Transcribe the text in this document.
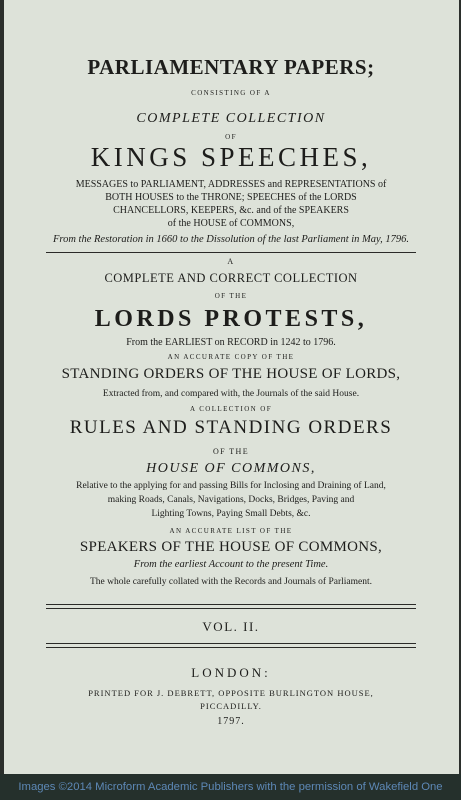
PARLIAMENTARY PAPERS;
CONSISTING OF A
COMPLETE COLLECTION
OF
KINGS SPEECHES,
MESSAGES to PARLIAMENT, ADDRESSES and REPRESENTATIONS of
BOTH HOUSES to the THRONE; SPEECHES of the LORDS
CHANCELLORS, KEEPERS, &c. and of the SPEAKERS
of the HOUSE of COMMONS,
From the Restoration in 1660 to the Dissolution of the last Parliament in May, 1796.
A
COMPLETE AND CORRECT COLLECTION
OF THE
LORDS PROTESTS,
From the EARLIEST on RECORD in 1242 to 1796.
AN ACCURATE COPY OF THE
STANDING ORDERS OF THE HOUSE OF LORDS,
Extracted from, and compared with, the Journals of the said House.
A COLLECTION OF
RULES AND STANDING ORDERS
OF THE
HOUSE OF COMMONS,
Relative to the applying for and passing Bills for Inclosing and Draining of Land,
making Roads, Canals, Navigations, Docks, Bridges, Paving and
Lighting Towns, Paying Small Debts, &c.
AN ACCURATE LIST OF THE
SPEAKERS OF THE HOUSE OF COMMONS,
From the earliest Account to the present Time.
The whole carefully collated with the Records and Journals of Parliament.
VOL. II.
LONDON:
PRINTED FOR J. DEBRETT, OPPOSITE BURLINGTON HOUSE,
PICCADILLY.
1797.
Images ©2014 Microform Academic Publishers with the permission of Wakefield One
